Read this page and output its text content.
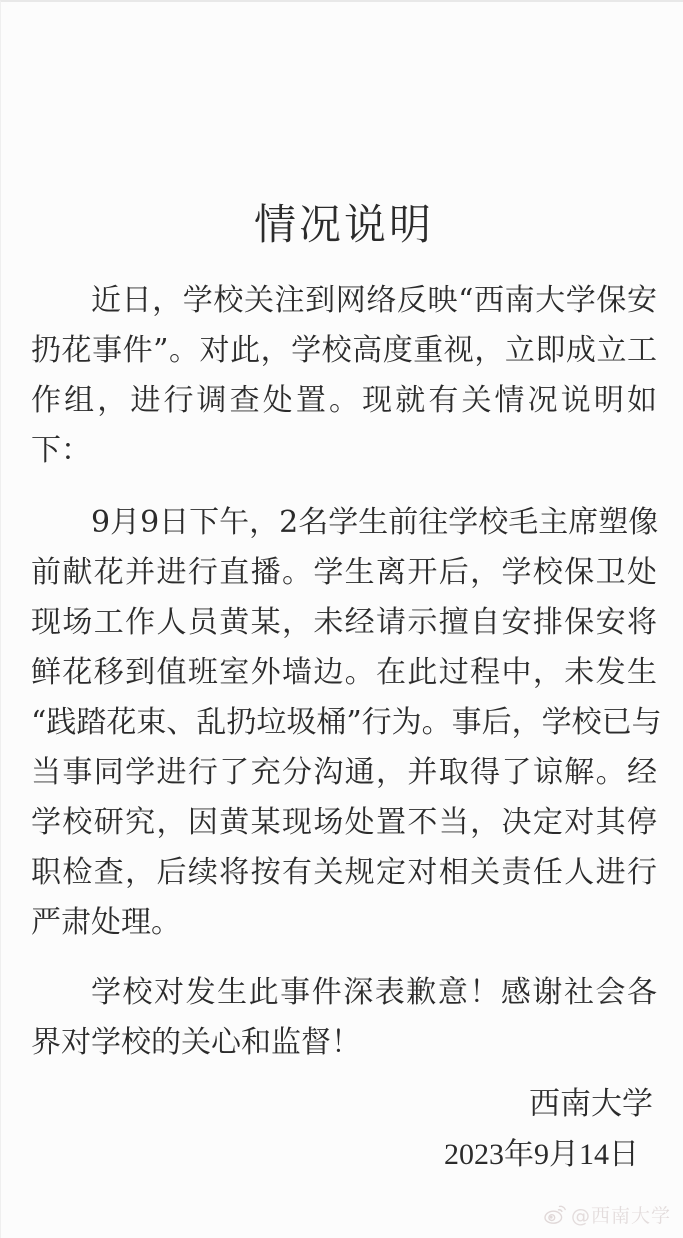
情况说明
近日，学校关注到网络反映“西南大学保安
扔花事件”。对此，学校高度重视，立即成立工
作组，进行调查处置。现就有关情况说明如
下：
9月9日下午，2名学生前往学校毛主席塑像
前献花并进行直播。学生离开后，学校保卫处
现场工作人员黄某，未经请示擅自安排保安将
鲜花移到值班室外墙边。在此过程中，未发生
“践踏花束、乱扔垃圾桶”行为。事后，学校已与
当事同学进行了充分沟通，并取得了谅解。经
学校研究，因黄某现场处置不当，决定对其停
职检查，后续将按有关规定对相关责任人进行
严肃处理。
学校对发生此事件深表歉意！感谢社会各
界对学校的关心和监督！
西南大学
2023年9月14日
@西南大学
